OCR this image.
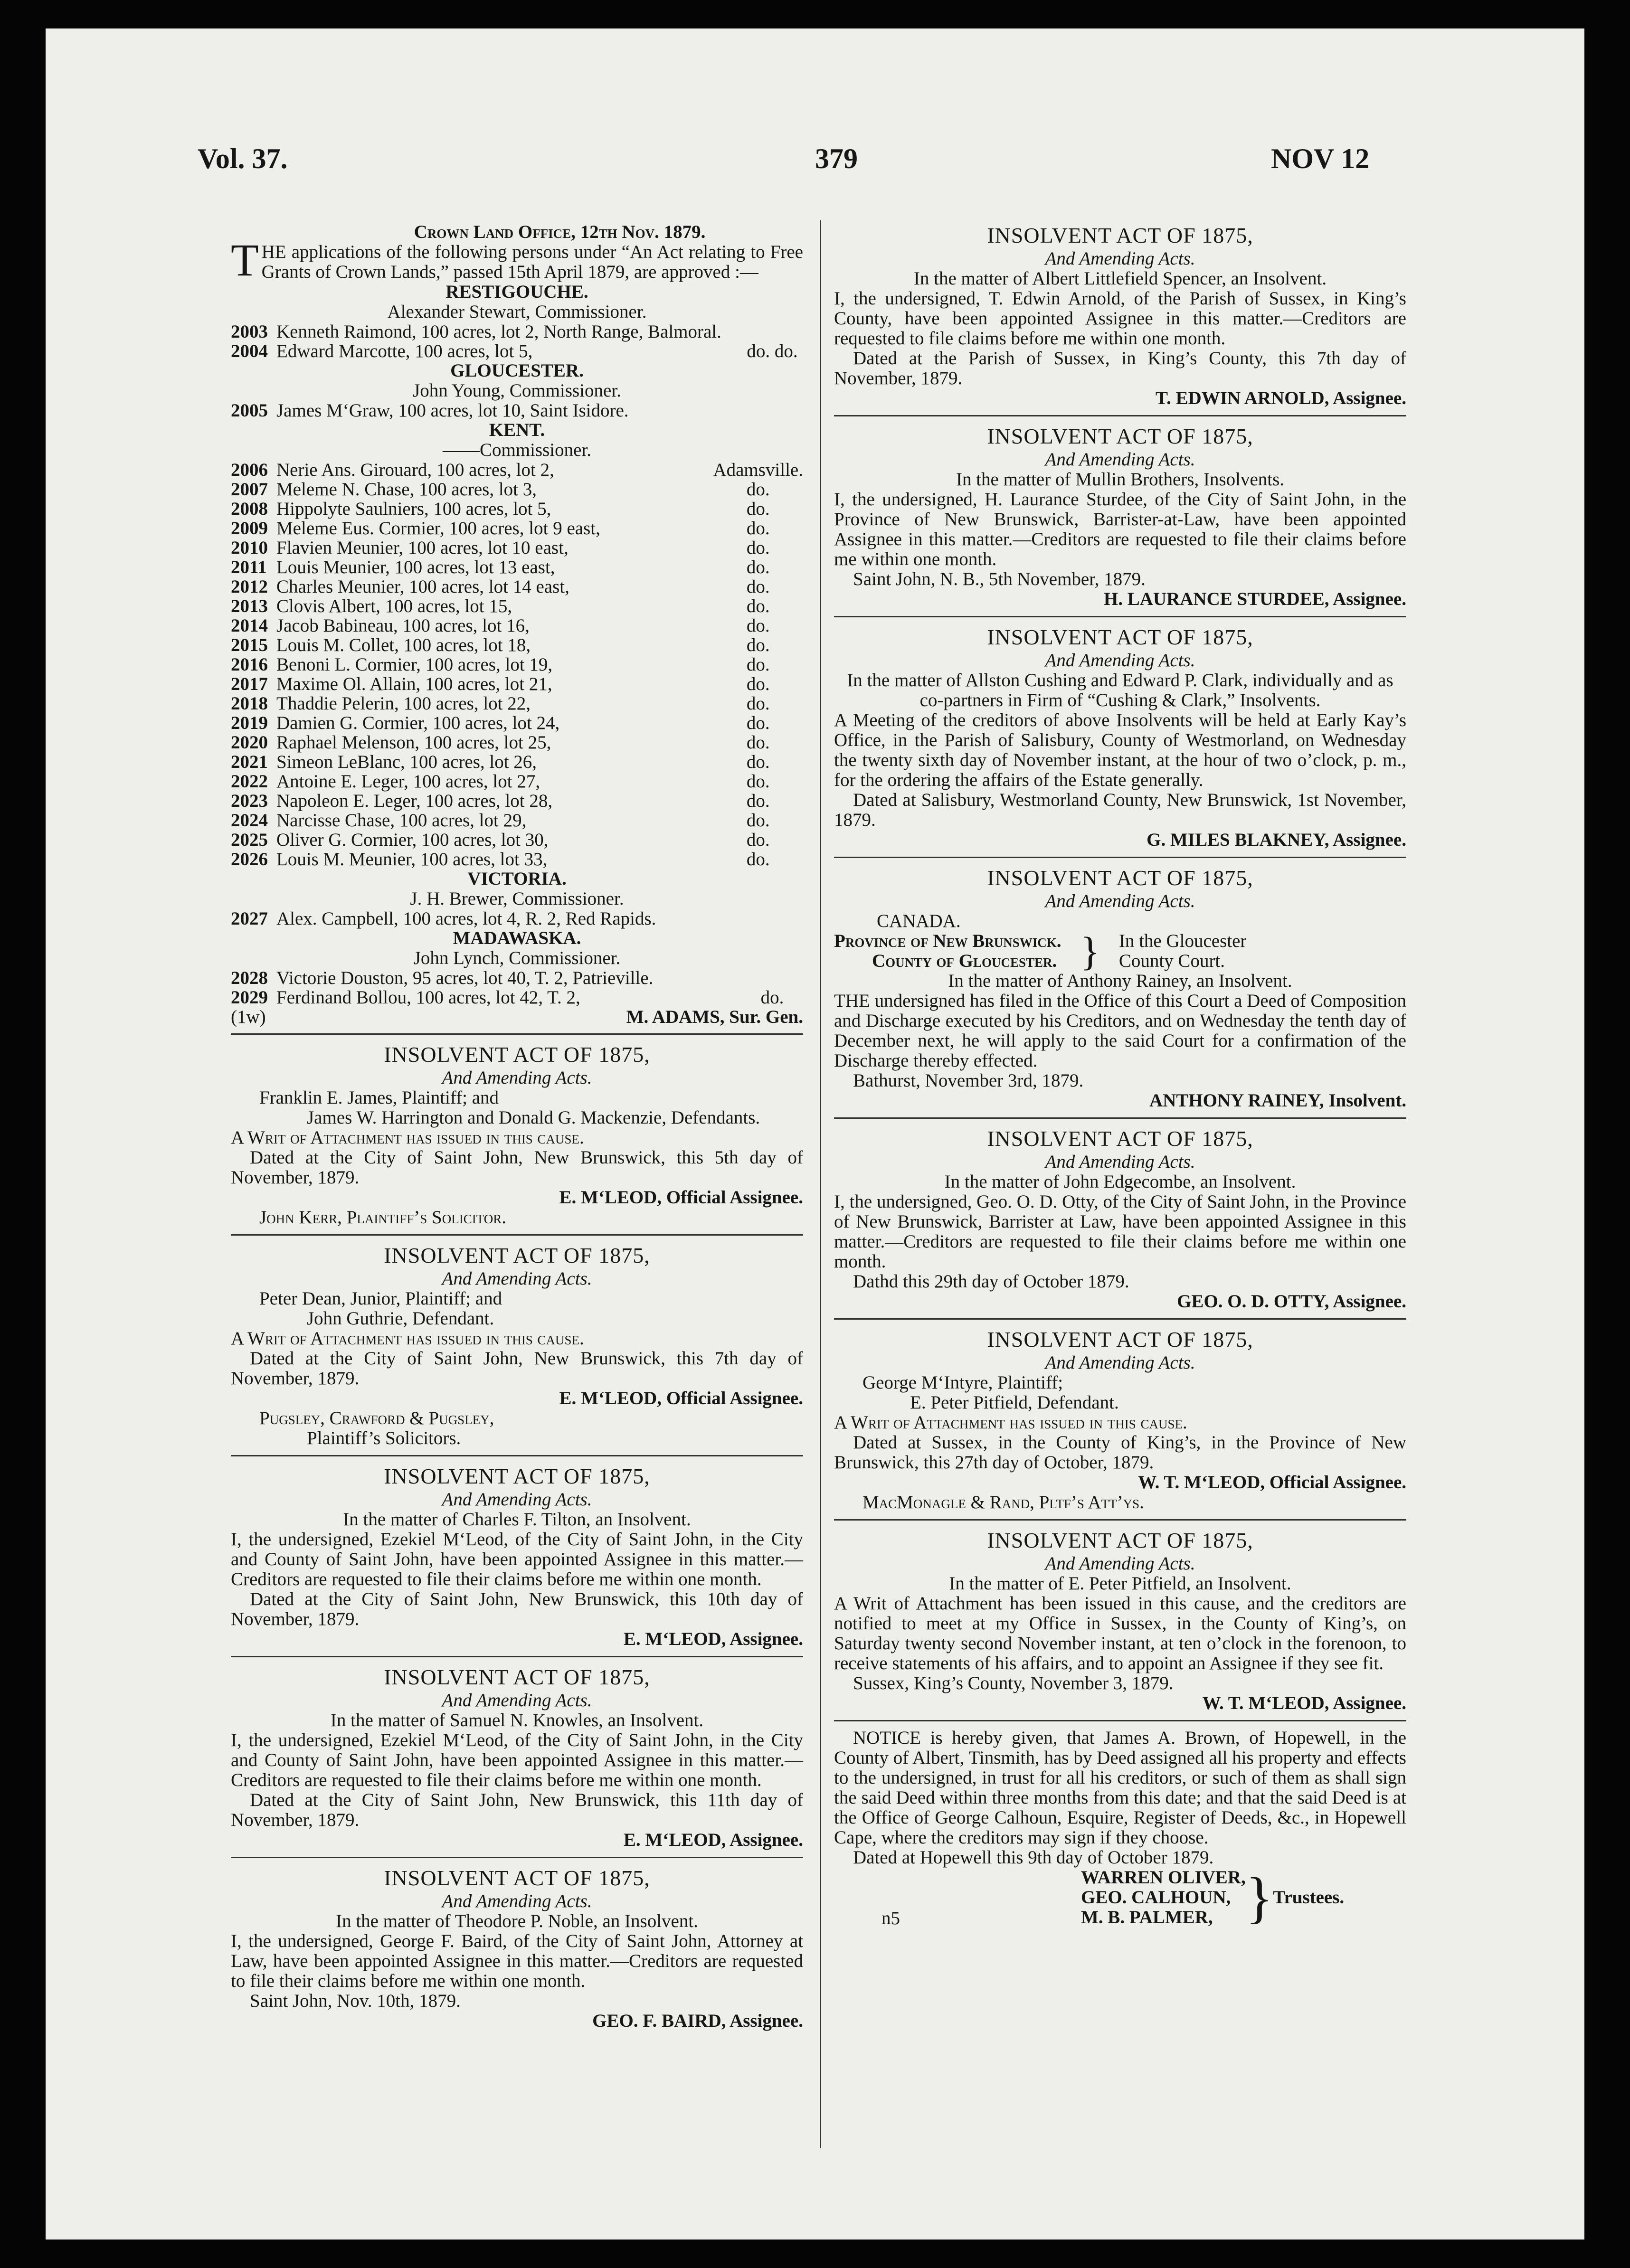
Vol. 37.	379	NOV 12

Crown Land Office, 12th Nov. 1879.

THE applications of the following persons under “An Act relating to Free Grants of Crown Lands,” passed 15th April 1879, are approved :—

RESTIGOUCHE.

Alexander Stewart, Commissioner.

2003	Kenneth Raimond, 100 acres, lot 2, North Range, Balmoral.	
2004	Edward Marcotte, 100 acres, lot 5,	do. do.

GLOUCESTER.

John Young, Commissioner.

2005	James M‘Graw, 100 acres, lot 10, Saint Isidore.

KENT.

——Commissioner.

2006	Nerie Ans. Girouard, 100 acres, lot 2,	Adamsville.
2007	Meleme N. Chase, 100 acres, lot 3,	do.
2008	Hippolyte Saulniers, 100 acres, lot 5,	do.
2009	Meleme Eus. Cormier, 100 acres, lot 9 east,	do.
2010	Flavien Meunier, 100 acres, lot 10 east,	do.
2011	Louis Meunier, 100 acres, lot 13 east,	do.
2012	Charles Meunier, 100 acres, lot 14 east,	do.
2013	Clovis Albert, 100 acres, lot 15,	do.
2014	Jacob Babineau, 100 acres, lot 16,	do.
2015	Louis M. Collet, 100 acres, lot 18,	do.
2016	Benoni L. Cormier, 100 acres, lot 19,	do.
2017	Maxime Ol. Allain, 100 acres, lot 21,	do.
2018	Thaddie Pelerin, 100 acres, lot 22,	do.
2019	Damien G. Cormier, 100 acres, lot 24,	do.
2020	Raphael Melenson, 100 acres, lot 25,	do.
2021	Simeon LeBlanc, 100 acres, lot 26,	do.
2022	Antoine E. Leger, 100 acres, lot 27,	do.
2023	Napoleon E. Leger, 100 acres, lot 28,	do.
2024	Narcisse Chase, 100 acres, lot 29,	do.
2025	Oliver G. Cormier, 100 acres, lot 30,	do.
2026	Louis M. Meunier, 100 acres, lot 33,	do.

VICTORIA.

J. H. Brewer, Commissioner.

2027	Alex. Campbell, 100 acres, lot 4, R. 2, Red Rapids.

MADAWASKA.

John Lynch, Commissioner.

2028	Victorie Douston, 95 acres, lot 40, T. 2, Patrieville.	
2029	Ferdinand Bollou, 100 acres, lot 42, T. 2,	do.
(1w)	M. ADAMS, Sur. Gen.

INSOLVENT ACT OF 1875,

And Amending Acts.

Franklin E. James, Plaintiff; and

James W. Harrington and Donald G. Mackenzie, Defendants.

A Writ of Attachment has issued in this cause.

Dated at the City of Saint John, New Brunswick, this 5th day of November, 1879.

E. M‘LEOD, Official Assignee.

John Kerr, Plaintiff’s Solicitor.

INSOLVENT ACT OF 1875,

And Amending Acts.

Peter Dean, Junior, Plaintiff; and

John Guthrie, Defendant.

A Writ of Attachment has issued in this cause.

Dated at the City of Saint John, New Brunswick, this 7th day of November, 1879.

E. M‘LEOD, Official Assignee.

Pugsley, Crawford & Pugsley,

Plaintiff’s Solicitors.

INSOLVENT ACT OF 1875,

And Amending Acts.

In the matter of Charles F. Tilton, an Insolvent.

I, the undersigned, Ezekiel M‘Leod, of the City of Saint John, in the City and County of Saint John, have been appointed Assignee in this matter.—Creditors are requested to file their claims before me within one month.

Dated at the City of Saint John, New Brunswick, this 10th day of November, 1879.

E. M‘LEOD, Assignee.

INSOLVENT ACT OF 1875,

And Amending Acts.

In the matter of Samuel N. Knowles, an Insolvent.

I, the undersigned, Ezekiel M‘Leod, of the City of Saint John, in the City and County of Saint John, have been appointed Assignee in this matter.—Creditors are requested to file their claims before me within one month.

Dated at the City of Saint John, New Brunswick, this 11th day of November, 1879.

E. M‘LEOD, Assignee.

INSOLVENT ACT OF 1875,

And Amending Acts.

In the matter of Theodore P. Noble, an Insolvent.

I, the undersigned, George F. Baird, of the City of Saint John, Attorney at Law, have been appointed Assignee in this matter.—Creditors are requested to file their claims before me within one month.

Saint John, Nov. 10th, 1879.

GEO. F. BAIRD, Assignee.

INSOLVENT ACT OF 1875,

And Amending Acts.

In the matter of Albert Littlefield Spencer, an Insolvent.

I, the undersigned, T. Edwin Arnold, of the Parish of Sussex, in King’s County, have been appointed Assignee in this matter.—Creditors are requested to file claims before me within one month.

Dated at the Parish of Sussex, in King’s County, this 7th day of November, 1879.

T. EDWIN ARNOLD, Assignee.

INSOLVENT ACT OF 1875,

And Amending Acts.

In the matter of Mullin Brothers, Insolvents.

I, the undersigned, H. Laurance Sturdee, of the City of Saint John, in the Province of New Brunswick, Barrister-at-Law, have been appointed Assignee in this matter.—Creditors are requested to file their claims before me within one month.

Saint John, N. B., 5th November, 1879.

H. LAURANCE STURDEE, Assignee.

INSOLVENT ACT OF 1875,

And Amending Acts.

In the matter of Allston Cushing and Edward P. Clark, individually and as co-partners in Firm of “Cushing & Clark,” Insolvents.

A Meeting of the creditors of above Insolvents will be held at Early Kay’s Office, in the Parish of Salisbury, County of Westmorland, on Wednesday the twenty sixth day of November instant, at the hour of two o’clock, p. m., for the ordering the affairs of the Estate generally.

Dated at Salisbury, Westmorland County, New Brunswick, 1st November, 1879.

G. MILES BLAKNEY, Assignee.

INSOLVENT ACT OF 1875,

And Amending Acts.

CANADA.

Province of New Brunswick.
County of Gloucester. } In the Gloucester
County Court.

In the matter of Anthony Rainey, an Insolvent.

THE undersigned has filed in the Office of this Court a Deed of Composition and Discharge executed by his Creditors, and on Wednesday the tenth day of December next, he will apply to the said Court for a confirmation of the Discharge thereby effected.

Bathurst, November 3rd, 1879.

ANTHONY RAINEY, Insolvent.

INSOLVENT ACT OF 1875,

And Amending Acts.

In the matter of John Edgecombe, an Insolvent.

I, the undersigned, Geo. O. D. Otty, of the City of Saint John, in the Province of New Brunswick, Barrister at Law, have been appointed Assignee in this matter.—Creditors are requested to file their claims before me within one month.

Dathd this 29th day of October 1879.

GEO. O. D. OTTY, Assignee.

INSOLVENT ACT OF 1875,

And Amending Acts.

George M‘Intyre, Plaintiff;

E. Peter Pitfield, Defendant.

A Writ of Attachment has issued in this cause.

Dated at Sussex, in the County of King’s, in the Province of New Brunswick, this 27th day of October, 1879.

W. T. M‘LEOD, Official Assignee.

MacMonagle & Rand, Pltf’s Att’ys.

INSOLVENT ACT OF 1875,

And Amending Acts.

In the matter of E. Peter Pitfield, an Insolvent.

A Writ of Attachment has been issued in this cause, and the creditors are notified to meet at my Office in Sussex, in the County of King’s, on Saturday twenty second November instant, at ten o’clock in the forenoon, to receive statements of his affairs, and to appoint an Assignee if they see fit.

Sussex, King’s County, November 3, 1879.

W. T. M‘LEOD, Assignee.

NOTICE is hereby given, that James A. Brown, of Hopewell, in the County of Albert, Tinsmith, has by Deed assigned all his property and effects to the undersigned, in trust for all his creditors, or such of them as shall sign the said Deed within three months from this date; and that the said Deed is at the Office of George Calhoun, Esquire, Register of Deeds, &c., in Hopewell Cape, where the creditors may sign if they choose.

Dated at Hopewell this 9th day of October 1879.

WARREN OLIVER,
GEO. CALHOUN,
M. B. PALMER, } Trustees.

n5
